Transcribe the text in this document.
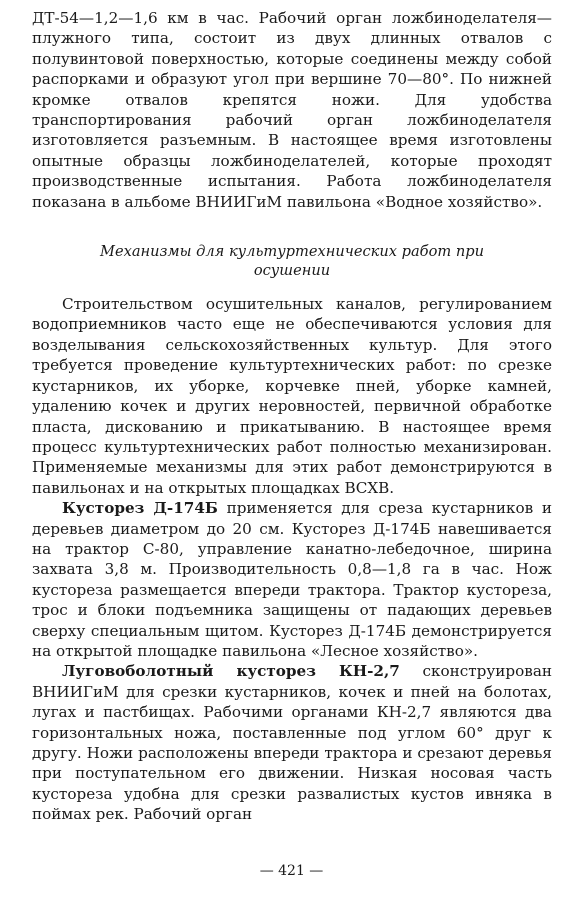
ДТ-54—1,2—1,6 км в час. Рабочий орган ложбиноделателя—плужного типа, состоит из двух длинных отвалов с полувинтовой поверхностью, которые соединены между собой распорками и образуют угол при вершине 70—80°. По нижней кромке отвалов крепятся ножи. Для удобства транспортирования рабочий орган ложбиноделателя изготовляется разъемным. В настоящее время изготовлены опытные образцы ложбиноделателей, которые проходят производственные испытания. Работа ложбиноделателя показана в альбоме ВНИИГиМ павильона «Водное хозяйство».

Механизмы для культуртехнических работ при осушении

Строительством осушительных каналов, регулированием водоприемников часто еще не обеспечиваются условия для возделывания сельскохозяйственных культур. Для этого требуется проведение культуртехнических работ: по срезке кустарников, их уборке, корчевке пней, уборке камней, удалению кочек и других неровностей, первичной обработке пласта, дискованию и прикатыванию. В настоящее время процесс культуртехнических работ полностью механизирован. Применяемые механизмы для этих работ демонстрируются в павильонах и на открытых площадках ВСХВ.

Кусторез Д-174Б применяется для среза кустарников и деревьев диаметром до 20 см. Кусторез Д-174Б навешивается на трактор С-80, управление канатно-лебедочное, ширина захвата 3,8 м. Производительность 0,8—1,8 га в час. Нож кустореза размещается впереди трактора. Трактор кустореза, трос и блоки подъемника защищены от падающих деревьев сверху специальным щитом. Кусторез Д-174Б демонстрируется на открытой площадке павильона «Лесное хозяйство».

Луговоболотный кусторез КН-2,7 сконструирован ВНИИГиМ для срезки кустарников, кочек и пней на болотах, лугах и пастбищах. Рабочими органами КН-2,7 являются два горизонтальных ножа, поставленные под углом 60° друг к другу. Ножи расположены впереди трактора и срезают деревья при поступательном его движении. Низкая носовая часть кустореза удобна для срезки развалистых кустов ивняка в поймах рек. Рабочий орган

— 421 —
